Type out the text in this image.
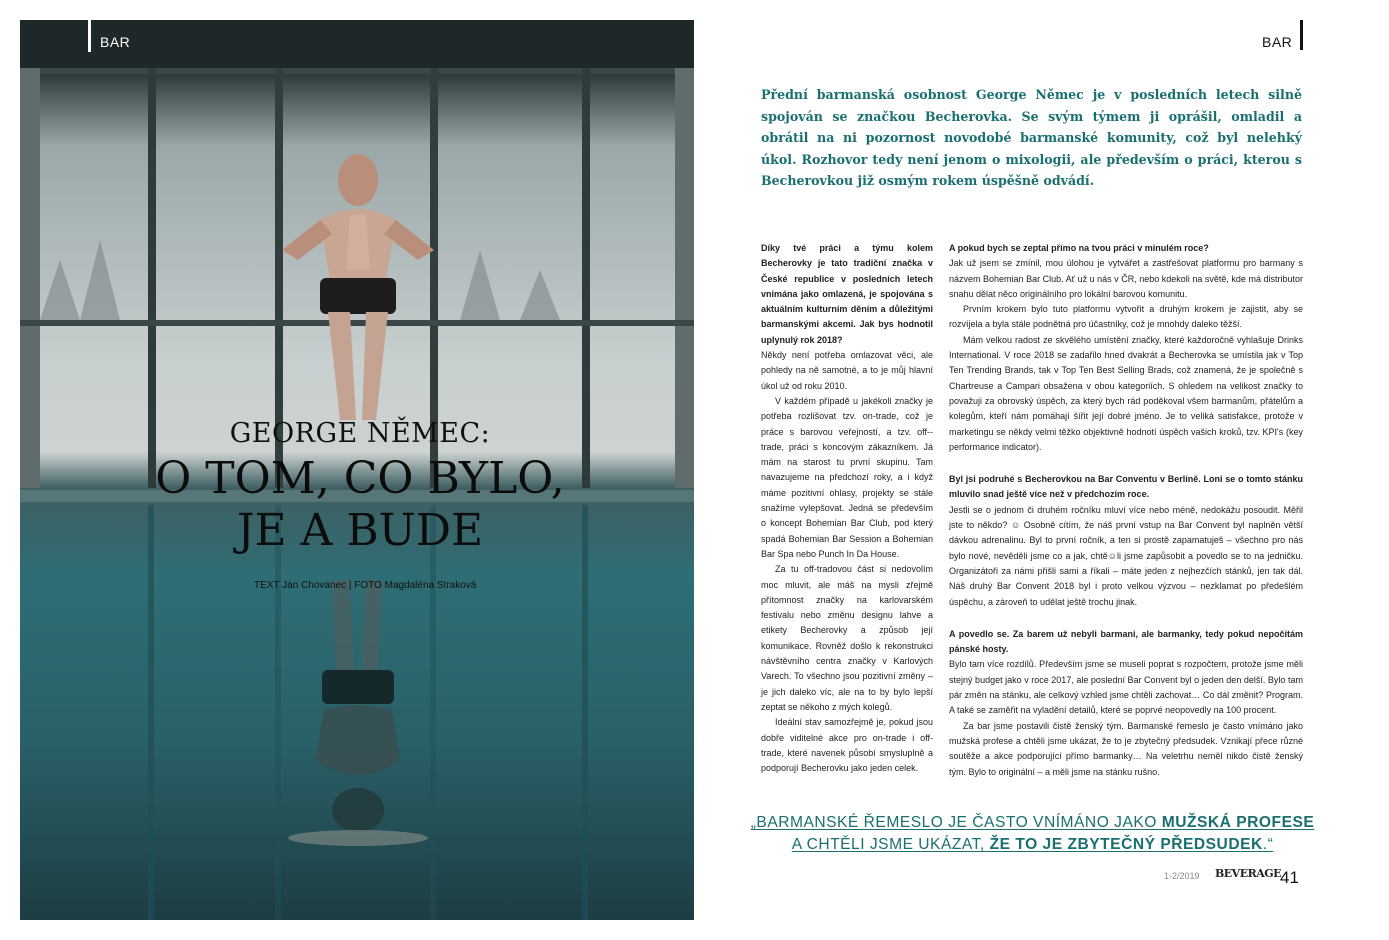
BAR
GEORGE NĚMEC:
O TOM, CO BYLO,
JE A BUDE
TEXT Ján Chovanec | FOTO Magdaléna Straková
BAR
Přední barmanská osobnost George Němec je v posledních letech silně spojován se značkou Becherovka. Se svým týmem ji oprášil, omladil a obrátil na ni pozornost novodobé barmanské komunity, což byl nelehký úkol. Rozhovor tedy není jenom o mixologii, ale především o práci, kterou s Becherovkou již osmým rokem úspěšně odvádí.
Díky tvé práci a týmu kolem Becherovky je tato tradiční značka v České republice v posledních letech vnímána jako omlazená, je spojována s aktuálním kulturním děním a důležitými barmanskými akcemi. Jak bys hodnotil uplynulý rok 2018?
Někdy není potřeba omlazovat věci, ale pohledy na ně samotné, a to je můj hlavní úkol už od roku 2010.
V každém případě u jakékoli značky je potřeba rozlišovat tzv. on-trade, což je práce s barovou veřejností, a tzv. off--trade, práci s koncovým zákazníkem. Já mám na starost tu první skupinu. Tam navazujeme na předchozí roky, a i když máme pozitivní ohlasy, projekty se stále snažíme vylepšovat. Jedná se především o koncept Bohemian Bar Club, pod který spadá Bohemian Bar Session a Bohemian Bar Spa nebo Punch In Da House.
Za tu off-tradovou část si nedovolím moc mluvit, ale máš na mysli zřejmě přítomnost značky na karlovarském festivalu nebo změnu designu lahve a etikety Becherovky a způsob její komunikace. Rovněž došlo k rekonstrukci návštěvního centra značky v Karlových Varech. To všechno jsou pozitivní změny – je jich daleko víc, ale na to by bylo lepší zeptat se někoho z mých kolegů.
Ideální stav samozřejmě je, pokud jsou dobře viditelné akce pro on-trade i off-trade, které navenek působí smysluplně a podporují Becherovku jako jeden celek.
A pokud bych se zeptal přímo na tvou práci v minulém roce?
Jak už jsem se zmínil, mou úlohou je vytvářet a zastřešovat platformu pro barmany s názvem Bohemian Bar Club. Ať už u nás v ČR, nebo kdekoli na světě, kde má distributor snahu dělat něco originálního pro lokální barovou komunitu.
Prvním krokem bylo tuto platformu vytvořit a druhým krokem je zajistit, aby se rozvíjela a byla stále podnětná pro účastníky, což je mnohdy daleko těžší.
Mám velkou radost ze skvělého umístění značky, které každoročně vyhlašuje Drinks International. V roce 2018 se zadařilo hned dvakrát a Becherovka se umístila jak v Top Ten Trending Brands, tak v Top Ten Best Selling Brads, což znamená, že je společně s Chartreuse a Campari obsažena v obou kategoriích. S ohledem na velikost značky to považuji za obrovský úspěch, za který bych rád poděkoval všem barmanům, přátelům a kolegům, kteří nám pomáhají šířit její dobré jméno. Je to veliká satisfakce, protože v marketingu se někdy velmi těžko objektivně hodnotí úspěch vašich kroků, tzv. KPI's (key performance indicator).
Byl jsi podruhé s Becherovkou na Bar Conventu v Berlíně. Loni se o tomto stánku mluvilo snad ještě více než v předchozím roce.
Jestli se o jednom či druhém ročníku mluví více nebo méně, nedokážu posoudit. Měřil jste to někdo? ☺ Osobně cítím, že náš první vstup na Bar Convent byl naplněn větší dávkou adrenalinu. Byl to první ročník, a ten si prostě zapamatuješ – všechno pro nás bylo nové, nevěděli jsme co a jak, chtě☺li jsme zapůsobit a povedlo se to na jedničku. Organizátoři za námi přišli sami a říkali – máte jeden z nejhezčích stánků, jen tak dál. Náš druhý Bar Convent 2018 byl i proto velkou výzvou – nezklamat po předešlém úspěchu, a zároveň to udělat ještě trochu jinak.
A povedlo se. Za barem už nebyli barmani, ale barmanky, tedy pokud nepočítám pánské hosty.
Bylo tam více rozdílů. Především jsme se museli poprat s rozpočtem, protože jsme měli stejný budget jako v roce 2017, ale poslední Bar Convent byl o jeden den delší. Bylo tam pár změn na stánku, ale celkový vzhled jsme chtěli zachovat… Co dál změnit? Program. A také se zaměřit na vyladění detailů, které se poprvé neopovedly na 100 procent.
Za bar jsme postavili čistě ženský tým. Barmanské řemeslo je často vnímáno jako mužská profese a chtěli jsme ukázat, že to je zbytečný předsudek. Vznikají přece různé soutěže a akce podporující přímo barmanky… Na veletrhu neměl nikdo čistě ženský tým. Bylo to originální – a měli jsme na stánku rušno.
„BARMANSKÉ ŘEMESLO JE ČASTO VNÍMÁNO JAKO MUŽSKÁ PROFESE
A CHTĚLI JSME UKÁZAT, ŽE TO JE ZBYTEČNÝ PŘEDSUDEK.“
1-2/2019 BEVERAGE
41
